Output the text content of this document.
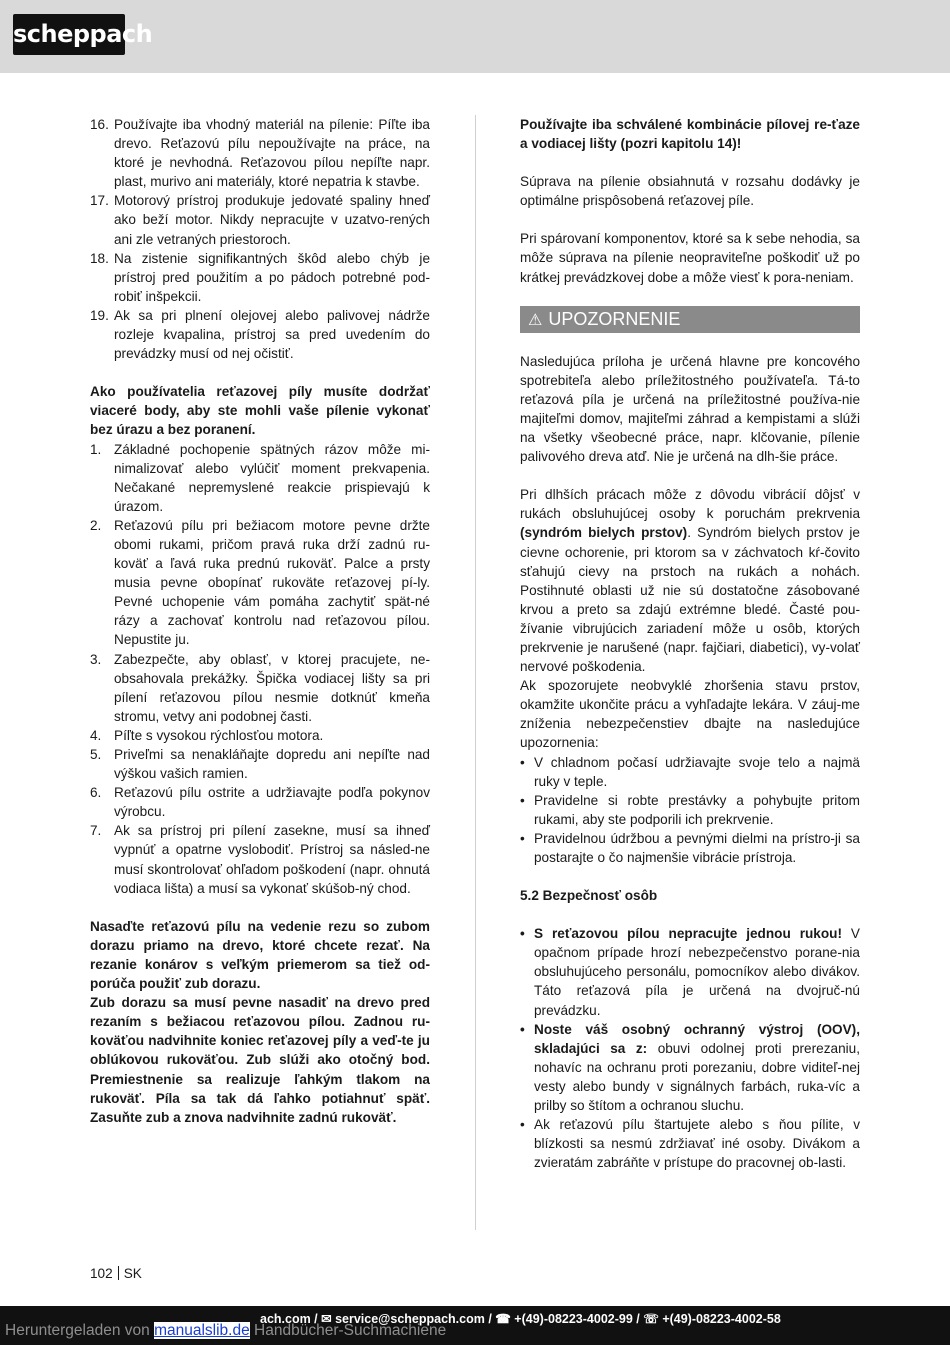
scheppach
16. Používajte iba vhodný materiál na pílenie: Píľte iba drevo. Reťazovú pílu nepoužívajte na práce, na ktoré je nevhodná. Reťazovou pílou nepíľte napr. plast, murivo ani materiály, ktoré nepatria k stavbe.
17. Motorový prístroj produkuje jedovaté spaliny hneď ako beží motor. Nikdy nepracujte v uzatvo-rených ani zle vetraných priestoroch.
18. Na zistenie signifikantných škôd alebo chýb je prístroj pred použitím a po pádoch potrebné pod-robiť inšpekcii.
19. Ak sa pri plnení olejovej alebo palivovej nádrže rozleje kvapalina, prístroj sa pred uvedením do prevádzky musí od nej očistiť.

Ako používatelia reťazovej píly musíte dodržať viaceré body, aby ste mohli vaše pílenie vykonať bez úrazu a bez poranení.

1. Základné pochopenie spätných rázov môže mi-nimalizovať alebo vylúčiť moment prekvapenia. Nečakané nepremyslené reakcie prispievajú k úrazom.
2. Reťazovú pílu pri bežiacom motore pevne držte obomi rukami, pričom pravá ruka drží zadnú ru-koväť a ľavá ruka prednú rukoväť. Palce a prsty musia pevne obopínať rukoväte reťazovej pí-ly. Pevné uchopenie vám pomáha zachytiť spät-né rázy a zachovať kontrolu nad reťazovou pílou. Nepustite ju.
3. Zabezpečte, aby oblasť, v ktorej pracujete, ne-obsahovala prekážky. Špička vodiacej lišty sa pri pílení reťazovou pílou nesmie dotknúť kmeňa stromu, vetvy ani podobnej časti.
4. Píľte s vysokou rýchlosťou motora.
5. Priveľmi sa nenakláňajte dopredu ani nepíľte nad výškou vašich ramien.
6. Reťazovú pílu ostrite a udržiavajte podľa pokynov výrobcu.
7. Ak sa prístroj pri pílení zasekne, musí sa ihneď vypnúť a opatrne vyslobodiť. Prístroj sa násled-ne musí skontrolovať ohľadom poškodení (napr. ohnutá vodiaca lišta) a musí sa vykonať skúšob-ný chod.

Nasaďte reťazovú pílu na vedenie rezu so zubom dorazu priamo na drevo, ktoré chcete rezať. Na rezanie konárov s veľkým priemerom sa tiež od-porúča použiť zub dorazu.

Zub dorazu sa musí pevne nasadiť na drevo pred rezaním s bežiacou reťazovou pílou. Zadnou ru-koväťou nadvihnite koniec reťazovej píly a veď-te ju oblúkovou rukoväťou. Zub slúži ako otočný bod. Premiestnenie sa realizuje ľahkým tlakom na rukoväť. Píla sa tak dá ľahko potiahnuť späť. Zasuňte zub a znova nadvihnite zadnú rukoväť.

Používajte iba schválené kombinácie pílovej re-ťaze a vodiacej lišty (pozri kapitolu 14)!

Súprava na pílenie obsiahnutá v rozsahu dodávky je optimálne prispôsobená reťazovej píle.

Pri spárovaní komponentov, ktoré sa k sebe nehodia, sa môže súprava na pílenie neopraviteľne poškodiť už po krátkej prevádzkovej dobe a môže viesť k pora-neniam.

⚠ UPOZORNENIE

Nasledujúca príloha je určená hlavne pre koncového spotrebiteľa alebo príležitostného používateľa. Tá-to reťazová píla je určená na príležitostné používa-nie majiteľmi domov, majiteľmi záhrad a kempistami a slúži na všetky všeobecné práce, napr. klčovanie, pílenie palivového dreva atď. Nie je určená na dlh-šie práce.

Pri dlhších prácach môže z dôvodu vibrácií dôjsť v rukách obsluhujúcej osoby k poruchám prekrvenia (syndróm bielych prstov). Syndróm bielych prstov je cievne ochorenie, pri ktorom sa v záchvatoch kŕ-čovito sťahujú cievy na prstoch na rukách a nohách. Postihnuté oblasti už nie sú dostatočne zásobované krvou a preto sa zdajú extrémne bledé. Časté pou-žívanie vibrujúcich zariadení môže u osôb, ktorých prekrvenie je narušené (napr. fajčiari, diabetici), vy-volať nervové poškodenia.

Ak spozorujete neobvyklé zhoršenia stavu prstov, okamžite ukončite prácu a vyhľadajte lekára. V záuj-me zníženia nebezpečenstiev dbajte na nasledujúce upozornenia:

• V chladnom počasí udržiavajte svoje telo a najmä ruky v teple.
• Pravidelne si robte prestávky a pohybujte pritom rukami, aby ste podporili ich prekrvenie.
• Pravidelnou údržbou a pevnými dielmi na prístro-ji sa postarajte o čo najmenšie vibrácie prístroja.

5.2 Bezpečnosť osôb

• S reťazovou pílou nepracujte jednou rukou! V opačnom prípade hrozí nebezpečenstvo porane-nia obsluhujúceho personálu, pomocníkov alebo divákov. Táto reťazová píla je určená na dvojruč-nú prevádzku.
• Noste váš osobný ochranný výstroj (OOV), skladajúci sa z: obuvi odolnej proti prerezaniu, nohavíc na ochranu proti porezaniu, dobre viditeľ-nej vesty alebo bundy v signálnych farbách, ruka-víc a prilby so štítom a ochranou sluchu.
• Ak reťazovú pílu štartujete alebo s ňou pílite, v blízkosti sa nesmú zdržiavať iné osoby. Divákom a zvieratám zabráňte v prístupe do pracovnej ob-lasti.
102 SK
ach.com / ✉ service@scheppach.com / ☎ +(49)-08223-4002-99 / ☏ +(49)-08223-4002-58
Heruntergeladen von manualslib.de Handbücher-Suchmachiene
